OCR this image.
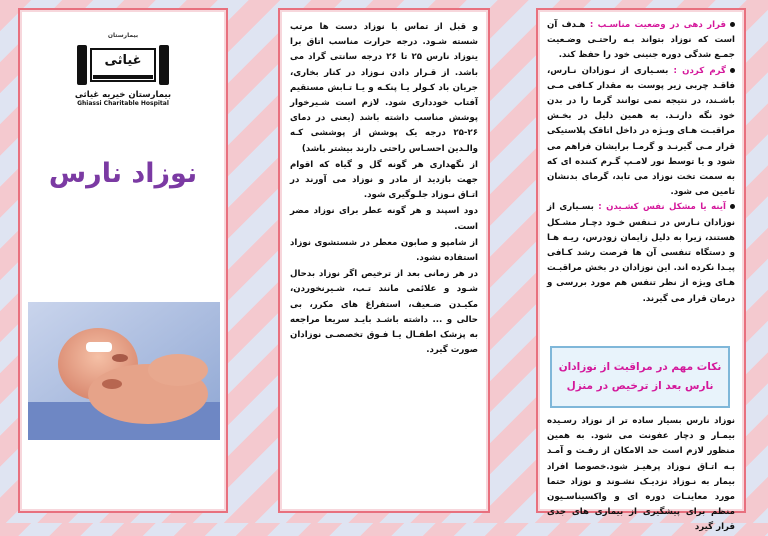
بیمارستان
غیاثی
بیمارستان خیریه غیاثی
Ghiassi Charitable Hospital
نوزاد نارس

و قبل از تماس با نوزاد دست ها مرتب شسته شـود. درجه حرارت مناسب اتاق برا ینوزاد نارس ۲۵ تا ۲۶ درجه سانتی گراد می باشد. از قـرار دادن نـوزاد در کنار بخاری، جریان باد کـولر یـا پنکـه و یـا تـابش مستقیم آفتاب خودداری شود. لازم است شـیرخوار پوشش مناسب داشته باشد (یعنی در دمای ۲۶-۲۵ درجه یک پوشش از پوششی کـه والـدین احسـاس راحتی دارند بیشتر باشد)

از نگهداری هر گونه گل و گیاه که اقوام جهت بازدید از مادر و نوزاد می آورند در اتـاق نـوزاد جلـوگیری شود.

دود اسپند و هر گونه عطر برای نوزاد مضر است.

از شامپو و صابون معطر در شستشوی نوزاد استفاده نشود.

در هر زمانی بعد از ترخیص اگر نوزاد بدحال شـود و علائمی مانند تـب، شـیرنخوردن، مکیـدن ضـعیف، استفراغ های مکرر، بی حالی و ... داشته باشـد بایـد سریعا مراجعه به پزشک اطفـال یـا فـوق تخصصـی نوزادان صورت گیرد.

قرار دهی در وضعیت مناسـب : هـدف آن است که نوزاد بتواند بـه راحتـی وضـعیت جمـع شدگی دوره جنینی خود را حفظ کند.

گرم کردن : بسـیاری از نـوزادان نـارس، فاقـد چربی زیر پوست به مقدار کـافی مـی باشـند، در نتیجه نمی توانند گرما را در بدن خود نگه دارنـد. به همین دلیل در بخـش مراقبـت هـای ویـژه در داخل اتاقک پلاستیکی قرار مـی گیرنـد و گرمـا برایشان فراهم می شود و یا توسط نور لامـپ گـرم کننده ای که به سمت تخت نوزاد می تابد، گرمای بدنشان تامین می شود.

آینه یا مشکل نفس کشـیدن : بسـیاری از نوزادان نـارس در تـنفس خـود دچـار مشـکل هستند، زیرا به دلیل زایمان زودرس، ریـه هـا و دستگاه تنفسی آن ها فرصت رشد کـافی پیـدا نکرده اند. این نوزادان در بخش مراقبـت هـای ویژه از نظر تنفس هم مورد بررسی و درمان قرار می گیرند.

نکات مهم در مراقبت از نوزادان نارس بعد از ترخیص در منزل
نوزاد نارس بسیار ساده تر از نوزاد رسـیده بیمـار و دچار عفونت می شود. به همین منظور لازم است حد الامکان از رفـت و آمـد بـه اتـاق نـوزاد پرهیـز شود.خصوصا افراد بیمار به نـوزاد نزدیـک نشـوند و نوزاد حتما مورد معاینـات دوره ای و واکسیناسـیون منظم برای پیشگیری از بیماری های جدی قرار گیرد
